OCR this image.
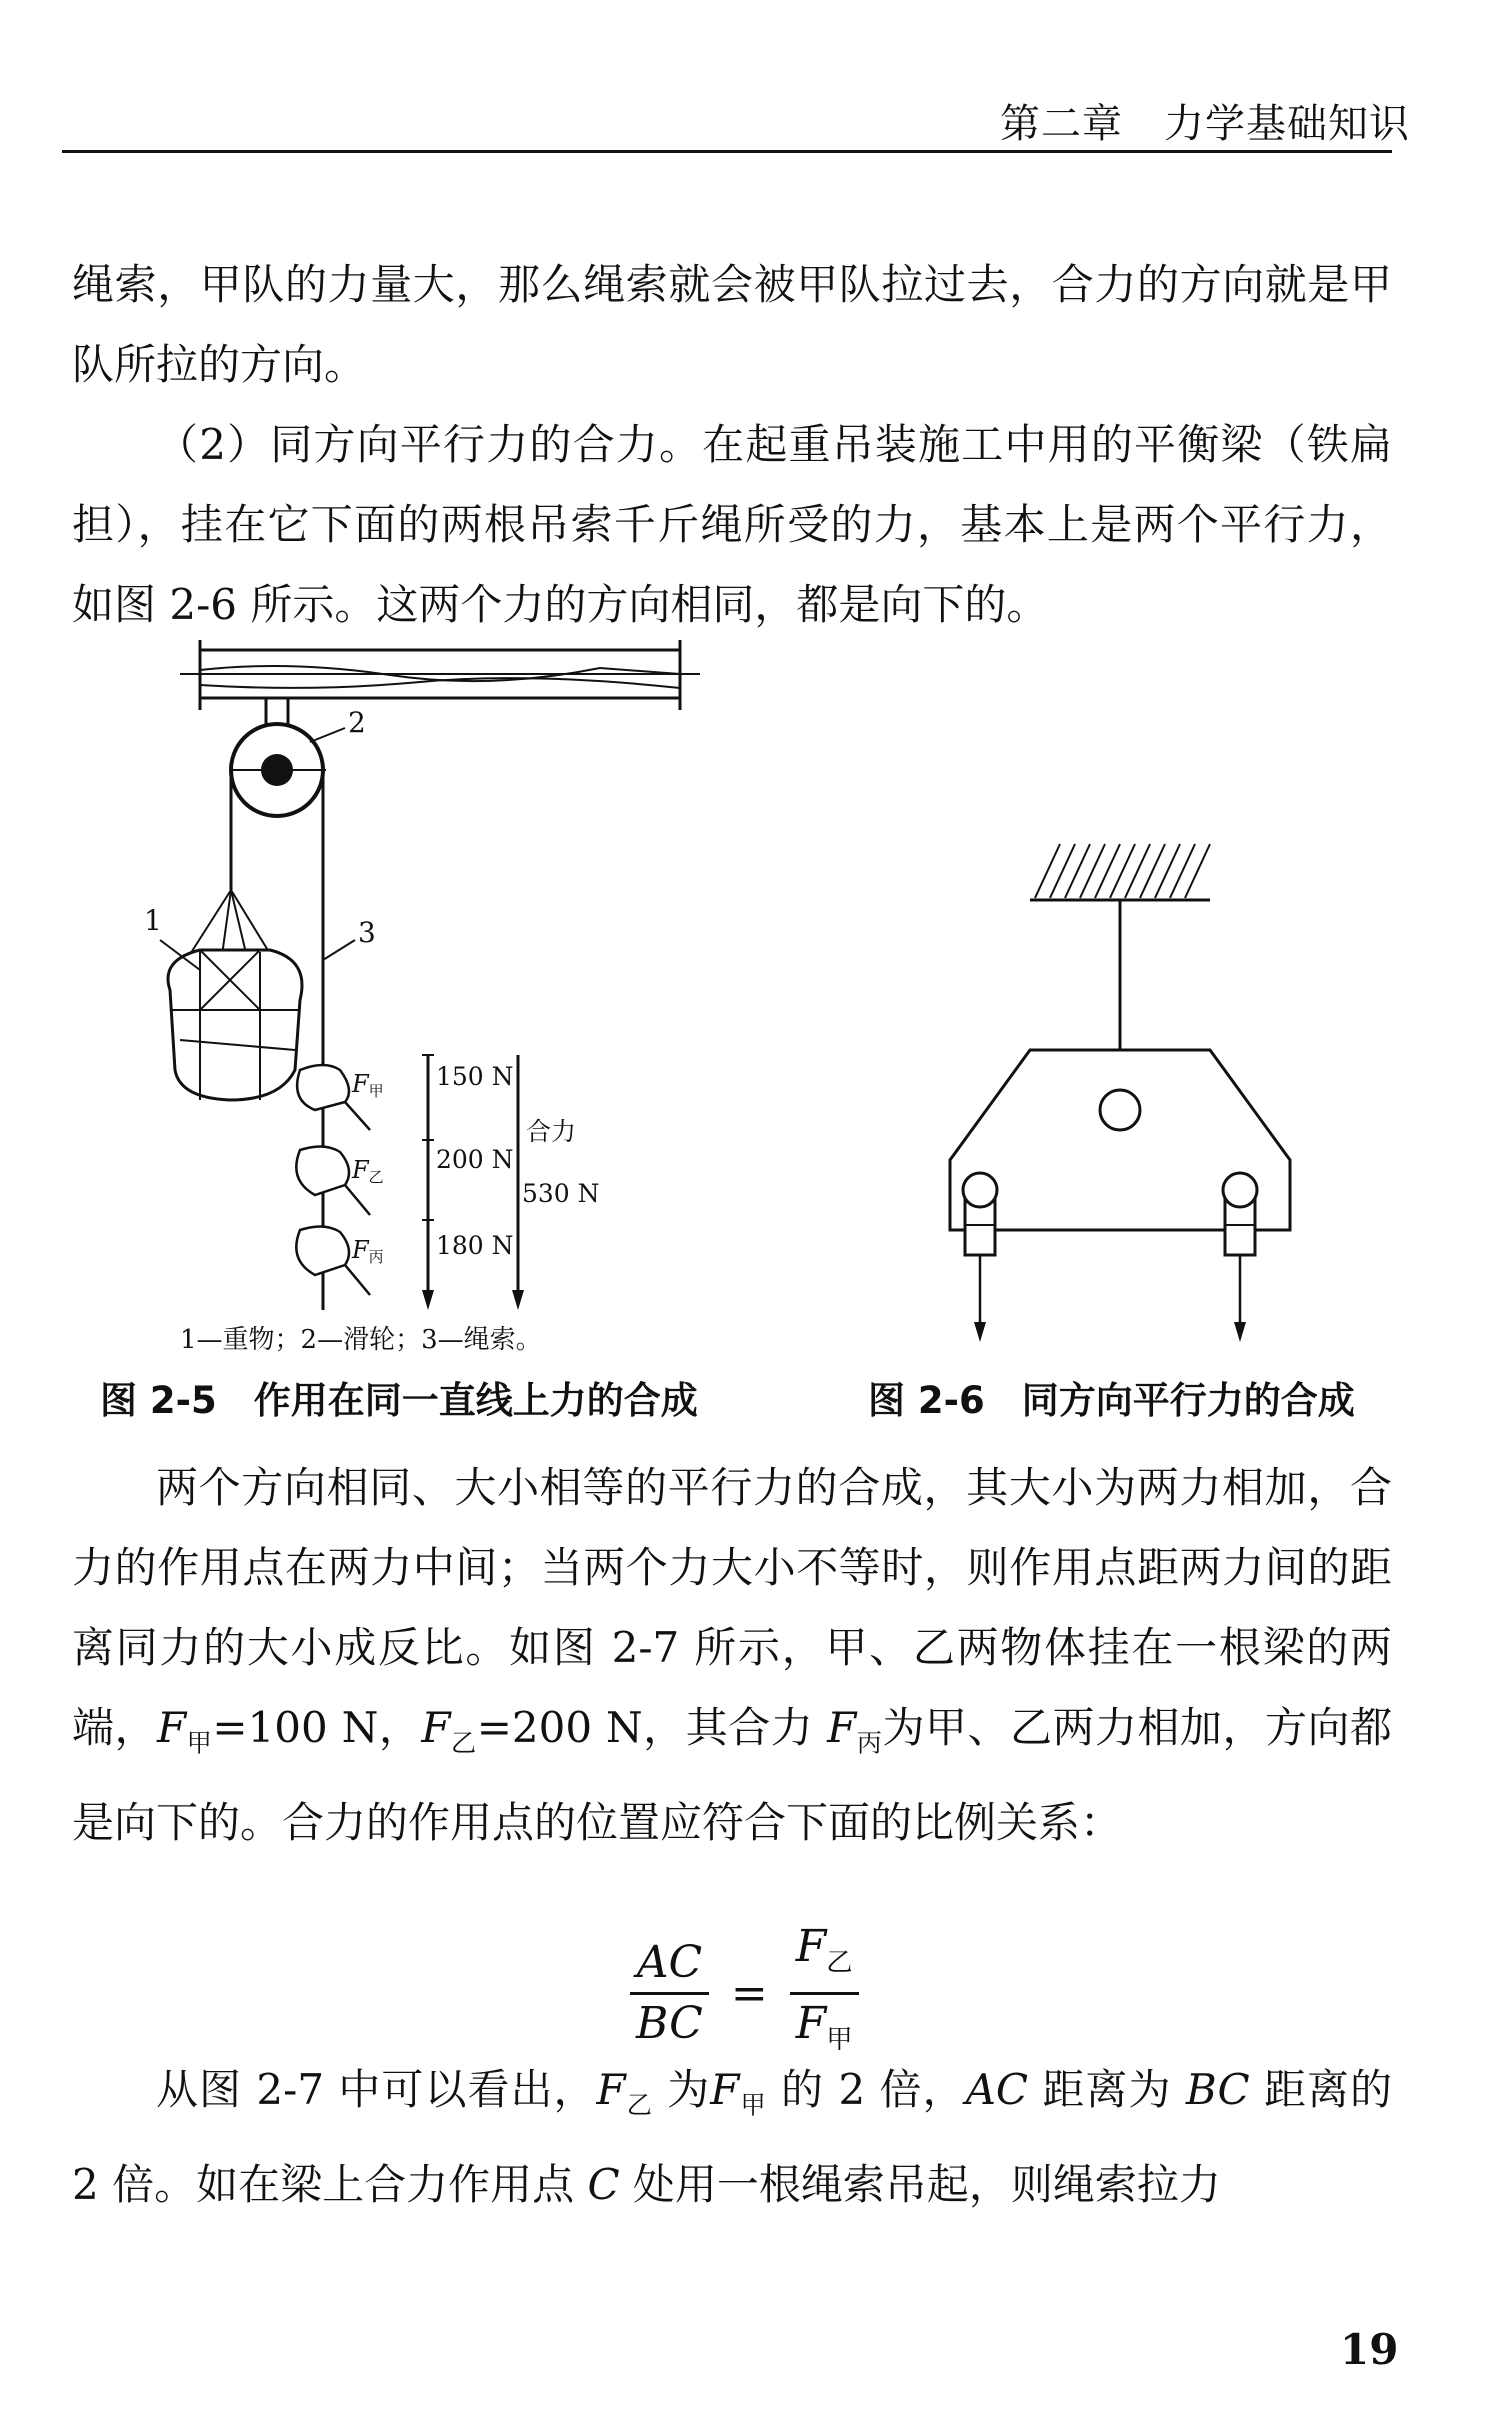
第二章　力学基础知识

绳索，甲队的力量大，那么绳索就会被甲队拉过去，合力的方向就是甲队所拉的方向。

（2）同方向平行力的合力。在起重吊装施工中用的平衡梁（铁扁担），挂在它下面的两根吊索千斤绳所受的力，基本上是两个平行力，如图 2-6 所示。这两个力的方向相同，都是向下的。

2
3
1
F甲
F乙
F丙
150 N
200 N
180 N
合力
530 N
1—重物；2—滑轮；3—绳索。
图 2-5　作用在同一直线上力的合成	图 2-6　同方向平行力的合成

两个方向相同、大小相等的平行力的合成，其大小为两力相加，合力的作用点在两力中间；当两个力大小不等时，则作用点距两力间的距离同力的大小成反比。如图 2-7 所示，甲、乙两物体挂在一根梁的两端，$F_甲=100$ N，$F_乙=200$ N，其合力 $F_丙$为甲、乙两力相加，方向都是向下的。合力的作用点的位置应符合下面的比例关系：

$\frac{AC}{BC} = \frac{F_乙}{F_甲}$

从图 2-7 中可以看出，$F_乙$ 为$F_甲$ 的 2 倍，AC 距离为 BC 距离的 2 倍。如在梁上合力作用点 C 处用一根绳索吊起，则绳索拉力

19
